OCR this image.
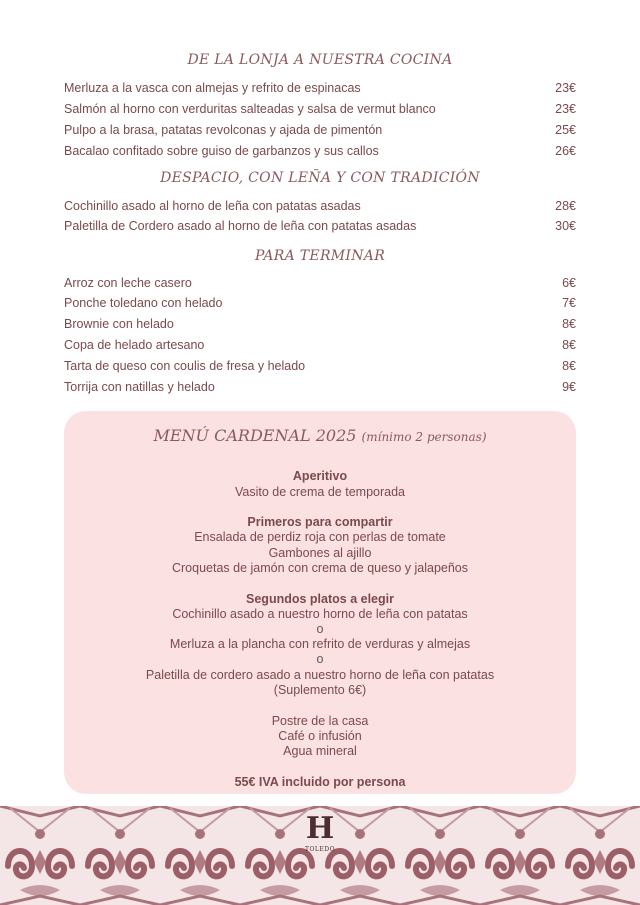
DE LA LONJA A NUESTRA COCINA
Merluza a la vasca con almejas y refrito de espinacas	23€
Salmón al horno con verduritas salteadas y salsa de vermut blanco	23€
Pulpo a la brasa, patatas revolconas y ajada de pimentón	25€
Bacalao confitado sobre guiso de garbanzos y sus callos	26€
DESPACIO, CON LEÑA Y CON TRADICIÓN
Cochinillo asado al horno de leña con patatas asadas	28€
Paletilla de Cordero asado al horno de leña con patatas asadas	30€
PARA TERMINAR
Arroz con leche casero	6€
Ponche toledano con helado	7€
Brownie con helado	8€
Copa de helado artesano	8€
Tarta de queso con coulis de fresa y helado	8€
Torrija con natillas y helado	9€
MENÚ CARDENAL 2025 (mínimo 2 personas)
Aperitivo
Vasito de crema de temporada
Primeros para compartir
Ensalada de perdiz roja con perlas de tomate
Gambones al ajillo
Croquetas de jamón con crema de queso y jalapeños
Segundos platos a elegir
Cochinillo asado a nuestro horno de leña con patatas
o
Merluza a la plancha con refrito de verduras y almejas
o
Paletilla de cordero asado a nuestro horno de leña con patatas
(Suplemento 6€)
Postre de la casa
Café o infusión
Agua mineral
55€ IVA incluido por persona
H
TOLEDO
